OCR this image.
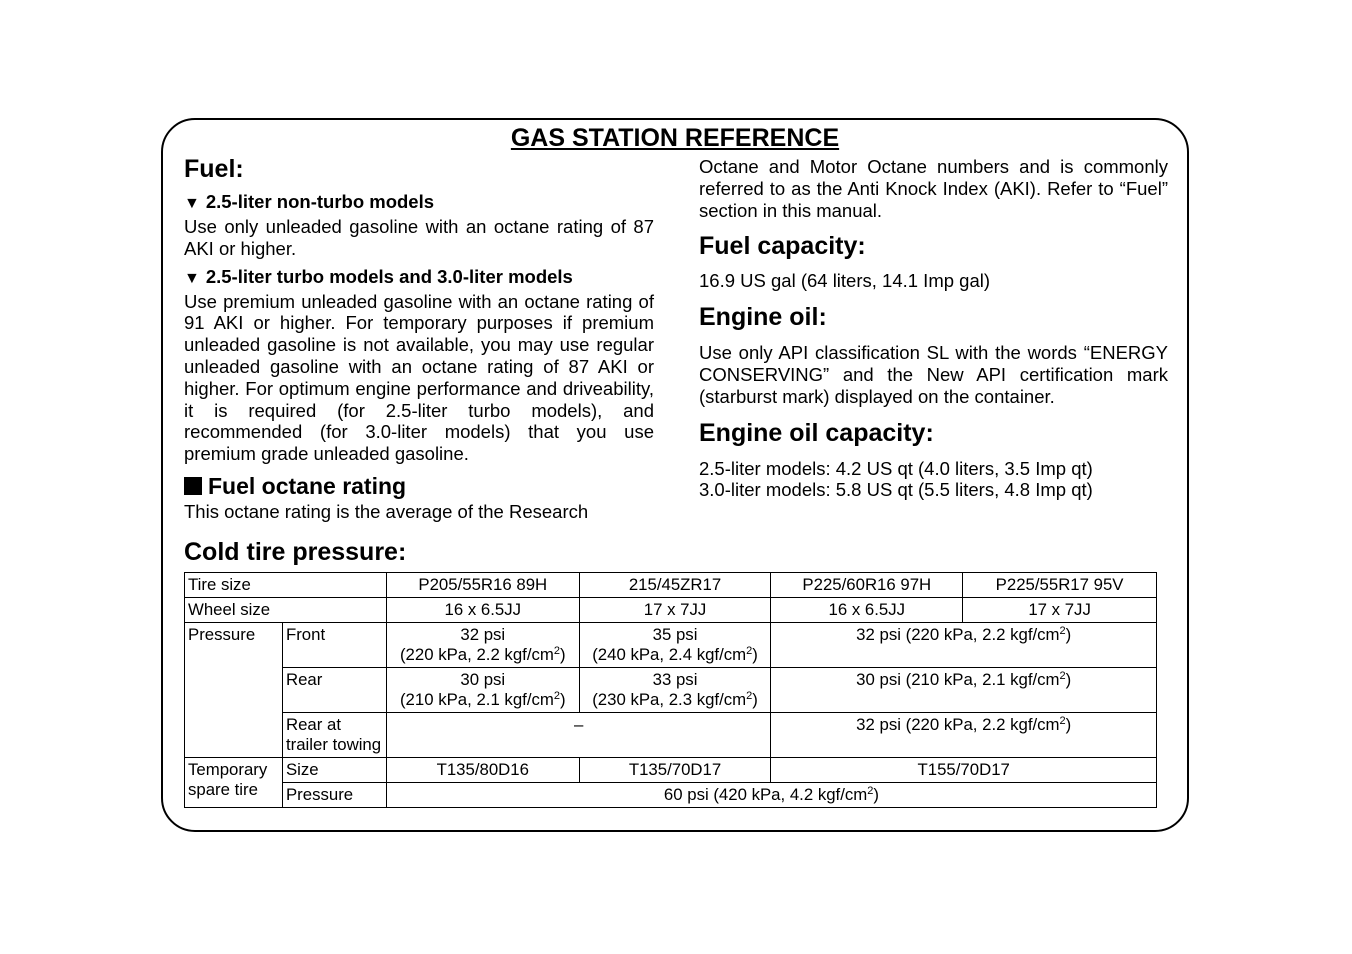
GAS STATION REFERENCE
Fuel:
▼ 2.5-liter non-turbo models

Use only unleaded gasoline with an octane rating of 87 AKI or higher.

▼ 2.5-liter turbo models and 3.0-liter models

Use premium unleaded gasoline with an octane rating of 91 AKI or higher. For temporary purposes if premium unleaded gasoline is not available, you may use regular unleaded gasoline with an octane rating of 87 AKI or higher. For optimum engine performance and driveability, it is required (for 2.5-liter turbo models), and recommended (for 3.0-liter models) that you use premium grade unleaded gasoline.

Fuel octane rating

This octane rating is the average of the Research

Octane and Motor Octane numbers and is commonly referred to as the Anti Knock Index (AKI). Refer to “Fuel” section in this manual.

Fuel capacity:

16.9 US gal (64 liters, 14.1 Imp gal)

Engine oil:

Use only API classification SL with the words “ENERGY CONSERVING” and the New API certification mark (starburst mark) displayed on the container.

Engine oil capacity:

2.5-liter models: 4.2 US qt (4.0 liters, 3.5 Imp qt)

3.0-liter models: 5.8 US qt (5.5 liters, 4.8 Imp qt)

Cold tire pressure:
Tire size		P205/55R16 89H	215/45ZR17	P225/60R16 97H	P225/55R17 95V
Wheel size		16 x 6.5JJ	17 x 7JJ	16 x 6.5JJ	17 x 7JJ
Pressure	Front	32 psi
(220 kPa, 2.2 kgf/$cm^2$)	35 psi
(240 kPa, 2.4 kgf/$cm^2$)	32 psi (220 kPa, 2.2 kgf/$cm^2$)	
	Rear	30 psi
(210 kPa, 2.1 kgf/$cm^2$)	33 psi
(230 kPa, 2.3 kgf/$cm^2$)	30 psi (210 kPa, 2.1 kgf/$cm^2$)	
	Rear at trailer towing	–		32 psi (220 kPa, 2.2 kgf/$cm^2$)	
Temporary spare tire	Size	T135/80D16	T135/70D17	T155/70D17	
	Pressure	60 psi (420 kPa, 4.2 kgf/$cm^2$)			
